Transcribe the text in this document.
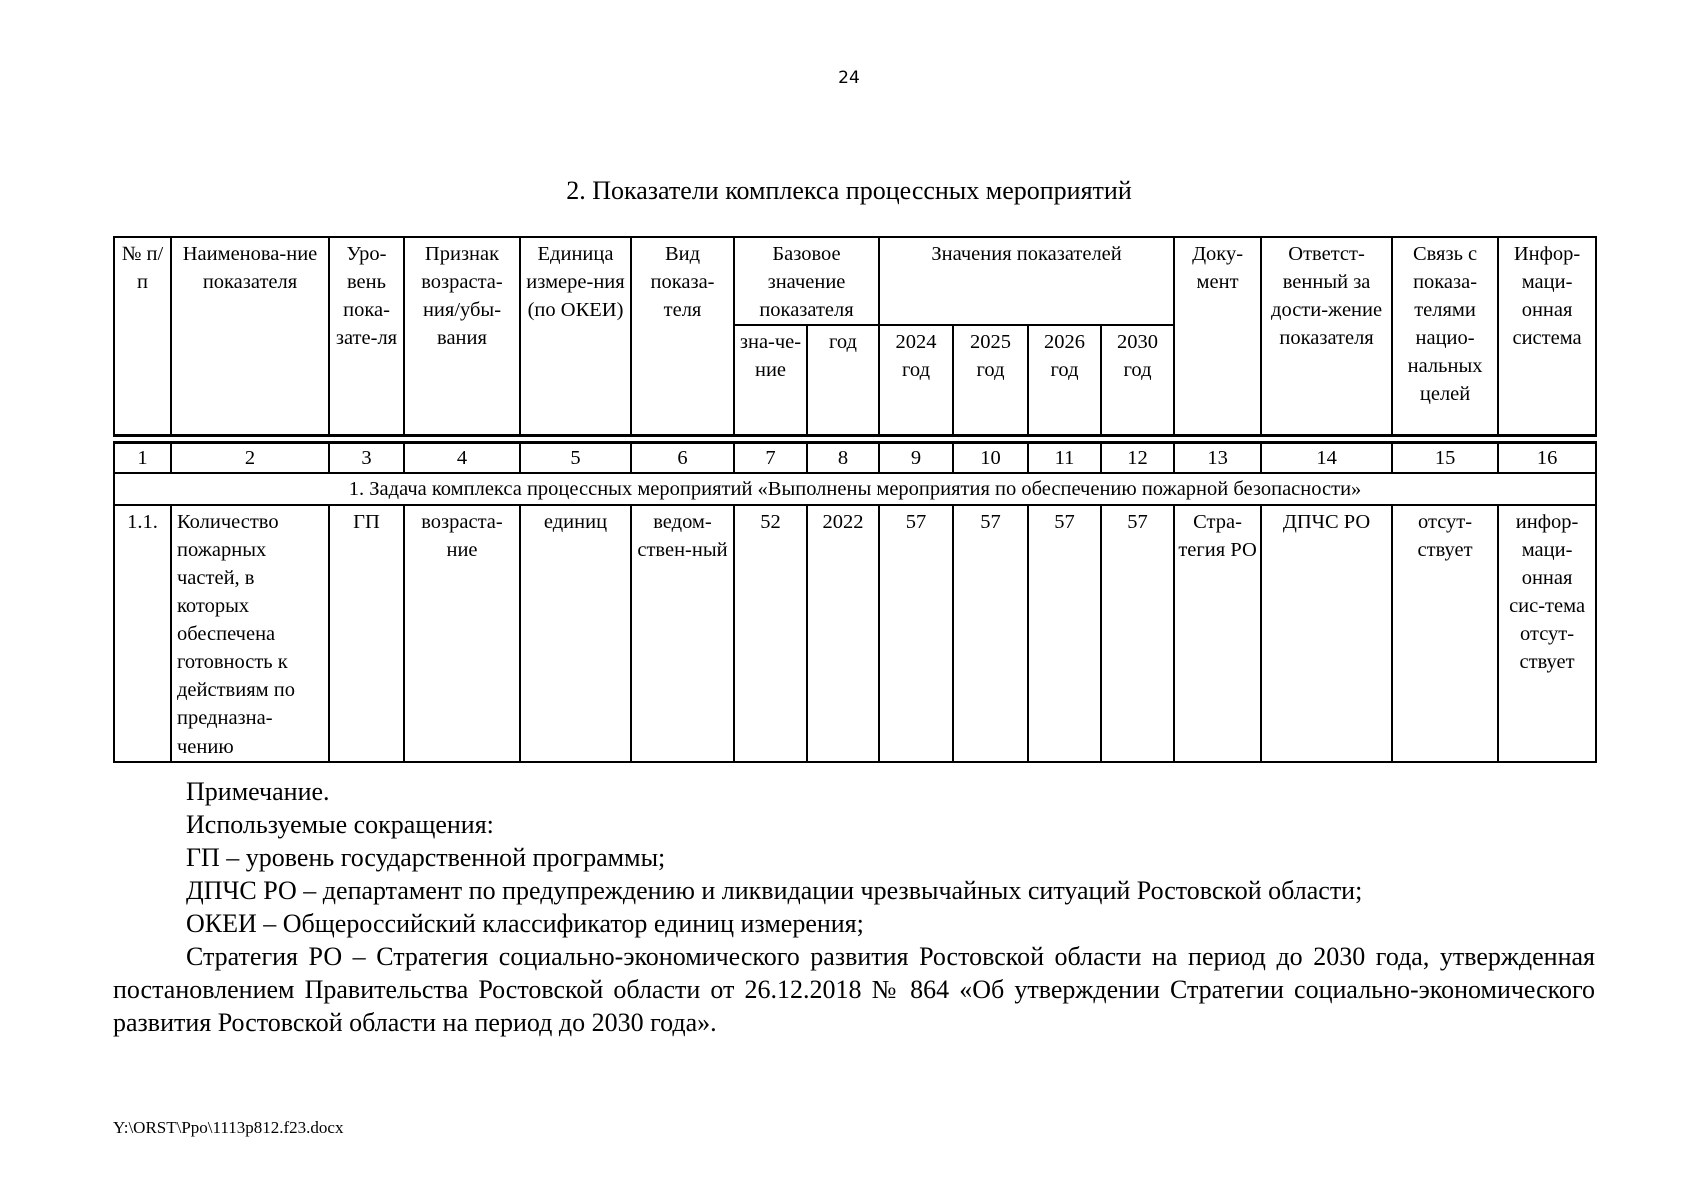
24
2. Показатели комплекса процессных мероприятий
№ п/п	Наименова-ние показателя	Уро-вень пока-зате-ля	Признак возраста-ния/убы-вания	Единица измере-ния (по ОКЕИ)	Вид показа-теля	Базовое значение показателя		Значения показателей				Доку-мент	Ответст-венный за дости-жение показателя	Связь с показа-телями нацио-нальных целей	Инфор-маци-онная система
						зна-че-ние	год	2024 год	2025 год	2026 год	2030 год				

1	2	3	4	5	6	7	8	9	10	11	12	13	14	15	16
1. Задача комплекса процессных мероприятий «Выполнены мероприятия по обеспечению пожарной безопасности»															
1.1.	Количество пожарных частей, в которых обеспечена готовность к действиям по предназна-чению	ГП	возраста-ние	единиц	ведом-ствен-ный	52	2022	57	57	57	57	Стра-тегия РО	ДПЧС РО	отсут-ствует	инфор-маци-онная сис-тема отсут-ствует

Примечание.

Используемые сокращения:

ГП – уровень государственной программы;

ДПЧС РО – департамент по предупреждению и ликвидации чрезвычайных ситуаций Ростовской области;

ОКЕИ – Общероссийский классификатор единиц измерения;

Стратегия РО – Стратегия социально-экономического развития Ростовской области на период до 2030 года, утвержденная постановлением Правительства Ростовской области от 26.12.2018 № 864 «Об утверждении Стратегии социально-экономического развития Ростовской области на период до 2030 года».

Y:\ORST\Ppo\1113p812.f23.docx
